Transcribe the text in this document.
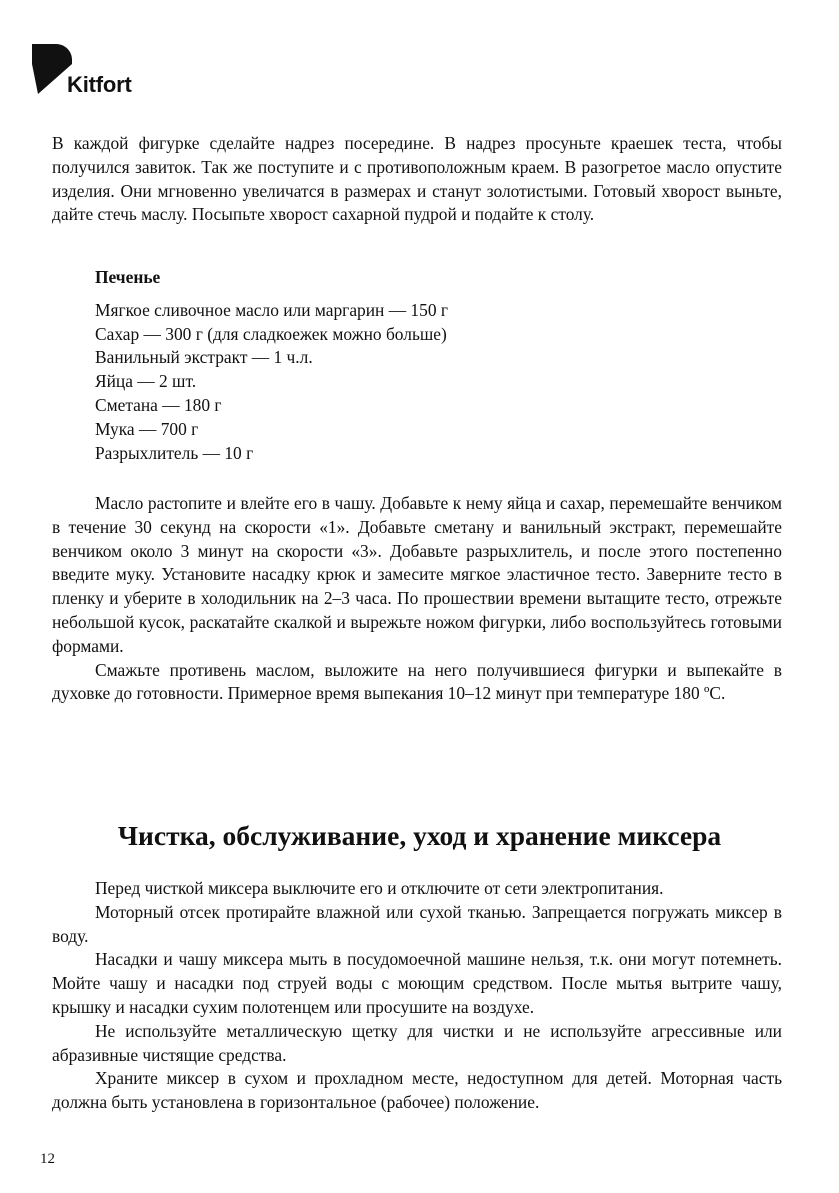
Kitfort

В каждой фигурке сделайте надрез посередине. В надрез просуньте краешек теста, чтобы получился завиток. Так же поступите и с противоположным краем. В разогретое масло опустите изделия. Они мгновенно увеличатся в размерах и станут золотистыми. Готовый хворост выньте, дайте стечь маслу. Посыпьте хворост сахарной пудрой и подайте к столу.

Печенье

Мягкое сливочное масло или маргарин — 150 г

Сахар — 300 г (для сладкоежек можно больше)

Ванильный экстракт — 1 ч.л.

Яйца — 2 шт.

Сметана — 180 г

Мука — 700 г

Разрыхлитель — 10 г

Масло растопите и влейте его в чашу. Добавьте к нему яйца и сахар, перемешайте венчиком в течение 30 секунд на скорости «1». Добавьте сметану и ванильный экстракт, перемешайте венчиком около 3 минут на скорости «3». Добавьте разрыхлитель, и после этого постепенно введите муку. Установите насадку крюк и замесите мягкое эластичное тесто. Заверните тесто в пленку и уберите в холодильник на 2–3 часа. По прошествии времени вытащите тесто, отрежьте небольшой кусок, раскатайте скалкой и вырежьте ножом фигурки, либо воспользуйтесь готовыми формами.

Смажьте противень маслом, выложите на него получившиеся фигурки и выпекайте в духовке до готовности. Примерное время выпекания 10–12 минут при температуре 180 ºС.

Чистка, обслуживание, уход и хранение миксера

Перед чисткой миксера выключите его и отключите от сети электропитания.

Моторный отсек протирайте влажной или сухой тканью. Запрещается погружать миксер в воду.

Насадки и чашу миксера мыть в посудомоечной машине нельзя, т.к. они могут потемнеть. Мойте чашу и насадки под струей воды с моющим средством. После мытья вытрите чашу, крышку и насадки сухим полотенцем или просушите на воздухе.

Не используйте металлическую щетку для чистки и не используйте агрессивные или абразивные чистящие средства.

Храните миксер в сухом и прохладном месте, недоступном для детей. Моторная часть должна быть установлена в горизонтальное (рабочее) положение.

12
